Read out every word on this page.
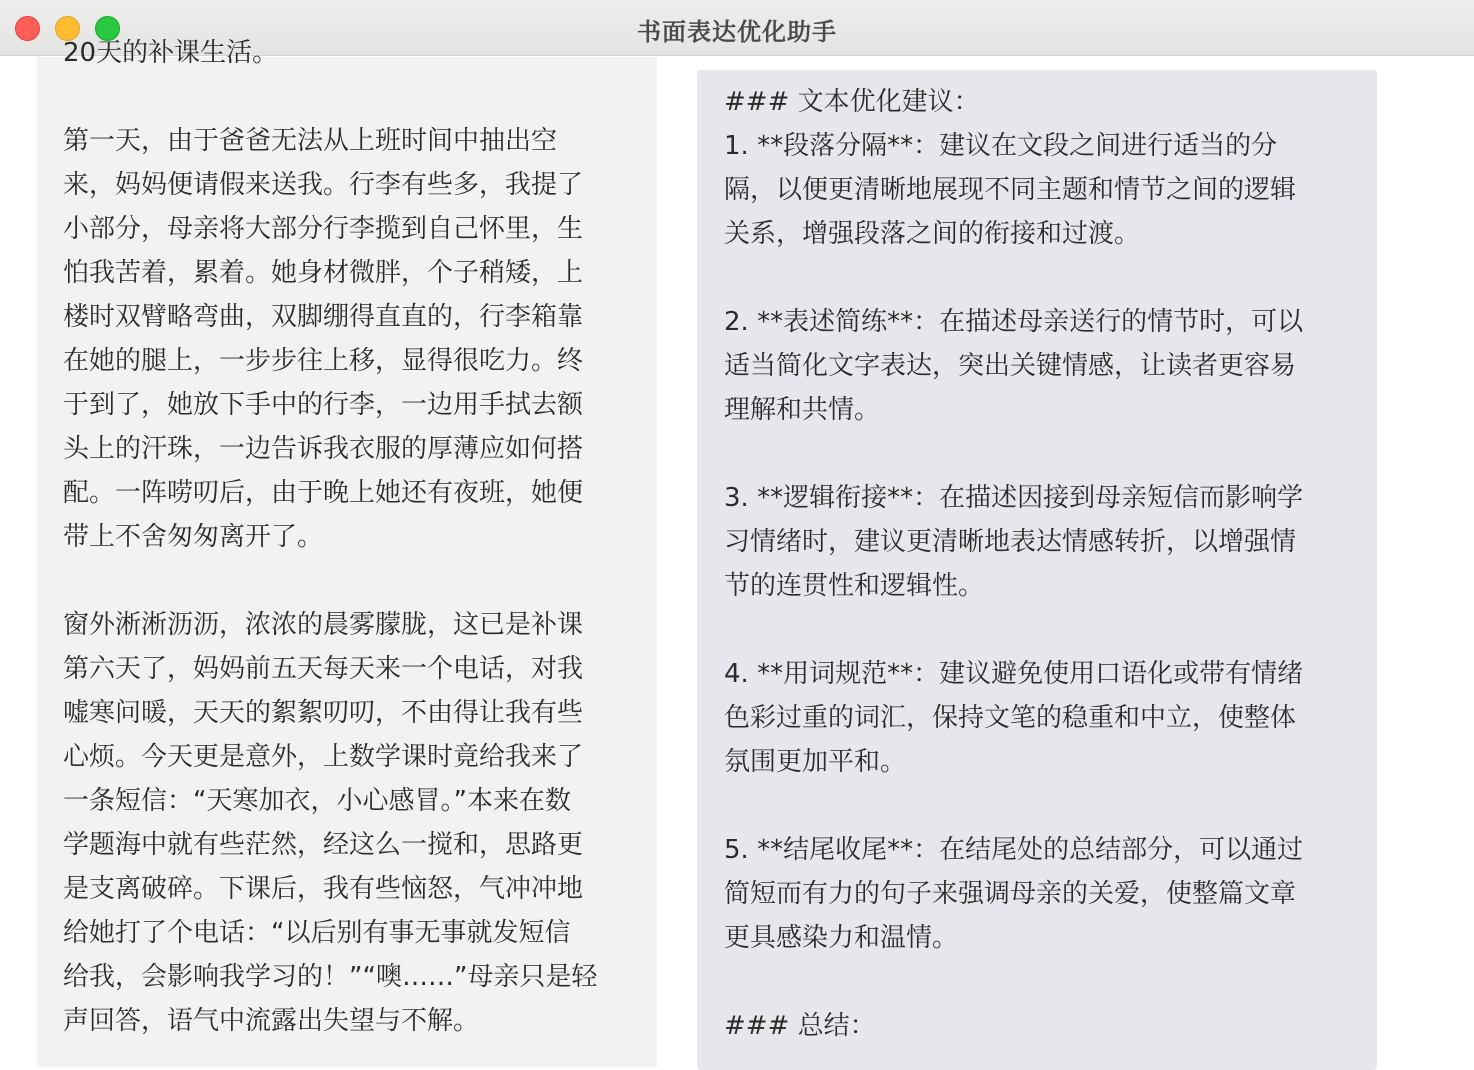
书面表达优化助手

20天的补课生活。

第一天，由于爸爸无法从上班时间中抽出空
来，妈妈便请假来送我。行李有些多，我提了
小部分，母亲将大部分行李揽到自己怀里，生
怕我苦着，累着。她身材微胖，个子稍矮，上
楼时双臂略弯曲，双脚绷得直直的，行李箱靠
在她的腿上，一步步往上移，显得很吃力。终
于到了，她放下手中的行李，一边用手拭去额
头上的汗珠，一边告诉我衣服的厚薄应如何搭
配。一阵唠叨后，由于晚上她还有夜班，她便
带上不舍匆匆离开了。

窗外淅淅沥沥，浓浓的晨雾朦胧，这已是补课
第六天了，妈妈前五天每天来一个电话，对我
嘘寒问暖，天天的絮絮叨叨，不由得让我有些
心烦。今天更是意外，上数学课时竟给我来了
一条短信：“天寒加衣，小心感冒。”本来在数
学题海中就有些茫然，经这么一搅和，思路更
是支离破碎。下课后，我有些恼怒，气冲冲地
给她打了个电话：“以后别有事无事就发短信
给我，会影响我学习的！”“噢……”母亲只是轻
声回答，语气中流露出失望与不解。

### 文本优化建议：
1. **段落分隔**：建议在文段之间进行适当的分
隔，以便更清晰地展现不同主题和情节之间的逻辑
关系，增强段落之间的衔接和过渡。

2. **表述简练**：在描述母亲送行的情节时，可以
适当简化文字表达，突出关键情感，让读者更容易
理解和共情。

3. **逻辑衔接**：在描述因接到母亲短信而影响学
习情绪时，建议更清晰地表达情感转折，以增强情
节的连贯性和逻辑性。

4. **用词规范**：建议避免使用口语化或带有情绪
色彩过重的词汇，保持文笔的稳重和中立，使整体
氛围更加平和。

5. **结尾收尾**：在结尾处的总结部分，可以通过
简短而有力的句子来强调母亲的关爱，使整篇文章
更具感染力和温情。

### 总结：
